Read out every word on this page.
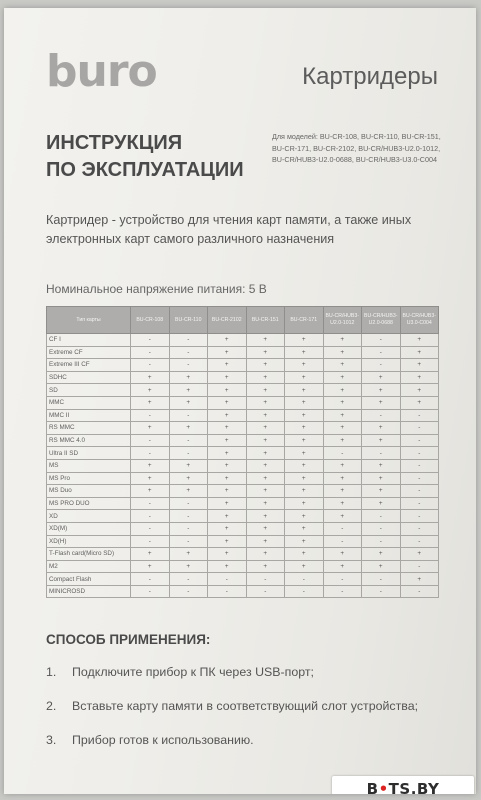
buro	Картридеры
ИНСТРУКЦИЯ
ПО ЭКСПЛУАТАЦИИ
Для моделей: BU-CR-108, BU-CR-110, BU-CR-151, BU-CR-171, BU-CR-2102, BU-CR/HUB3-U2.0-1012, BU-CR/HUB3-U2.0-0688, BU-CR/HUB3-U3.0-C004
Картридер - устройство для чтения карт памяти, а также иных электронных карт самого различного назначения
Номинальное напряжение питания: 5 В
Тип карты	BU-CR-108	BU-CR-110	BU-CR-2102	BU-CR-151	BU-CR-171	BU-CR/HUB3-U2.0-1012	BU-CR/HUB3-U2.0-0688	BU-CR/HUB3-U3.0-C004
CF I	-	-	+	+	+	+	-	+
Extreme CF	-	-	+	+	+	+	-	+
Extreme III CF	-	-	+	+	+	+	-	+
SDHC	+	+	+	+	+	+	+	+
SD	+	+	+	+	+	+	+	+
MMC	+	+	+	+	+	+	+	+
MMC II	-	-	+	+	+	+	-	-
RS MMC	+	+	+	+	+	+	+	-
RS MMC 4.0	-	-	+	+	+	+	+	-
Ultra II SD	-	-	+	+	+	-	-	-
MS	+	+	+	+	+	+	+	-
MS Pro	+	+	+	+	+	+	+	-
MS Duo	+	+	+	+	+	+	+	-
MS PRO DUO	-	-	+	+	+	+	+	-
XD	-	-	+	+	+	+	-	-
XD(M)	-	-	+	+	+	-	-	-
XD(H)	-	-	+	+	+	-	-	-
T-Flash card(Micro SD)	+	+	+	+	+	+	+	+
M2	+	+	+	+	+	+	+	-
Compact Flash	-	-	-	-	-	-	-	+
MINICROSD	-	-	-	-	-	-	-	-
СПОСОБ ПРИМЕНЕНИЯ:
1. Подключите прибор к ПК через USB-порт;
2. Вставьте карту памяти в соответствующий слот устройства;
3. Прибор готов к использованию.
B • TS.BY
